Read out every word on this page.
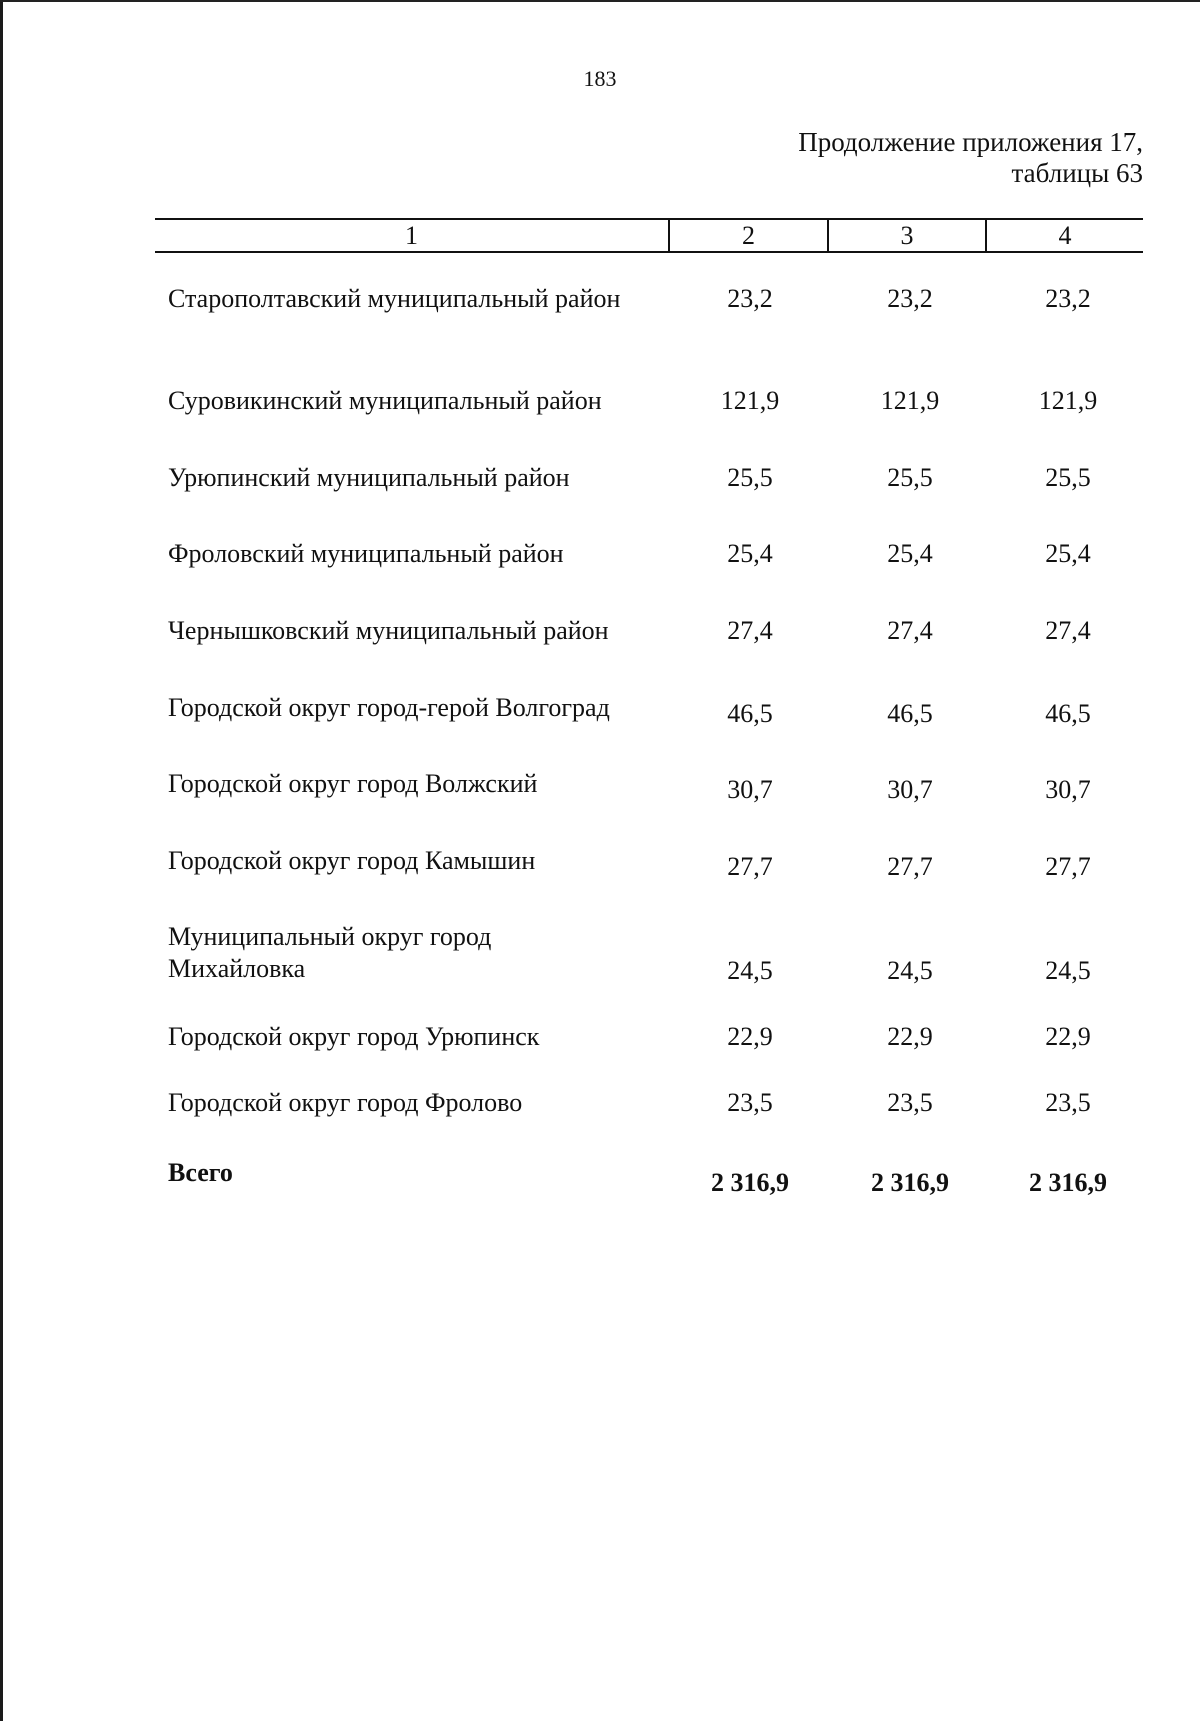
183
Продолжение приложения 17,
таблицы 63
1	2	3	4
Старополтавский муниципальный район	23,2	23,2	23,2
Суровикинский муниципальный район	121,9	121,9	121,9
Урюпинский муниципальный район	25,5	25,5	25,5
Фроловский муниципальный район	25,4	25,4	25,4
Чернышковский муниципальный район	27,4	27,4	27,4
Городской округ город-герой Волгоград	46,5	46,5	46,5
Городской округ город Волжский	30,7	30,7	30,7
Городской округ город Камышин	27,7	27,7	27,7
Муниципальный округ город Михайловка	24,5	24,5	24,5
Городской округ город Урюпинск	22,9	22,9	22,9
Городской округ город Фролово	23,5	23,5	23,5
Всего	2 316,9	2 316,9	2 316,9
